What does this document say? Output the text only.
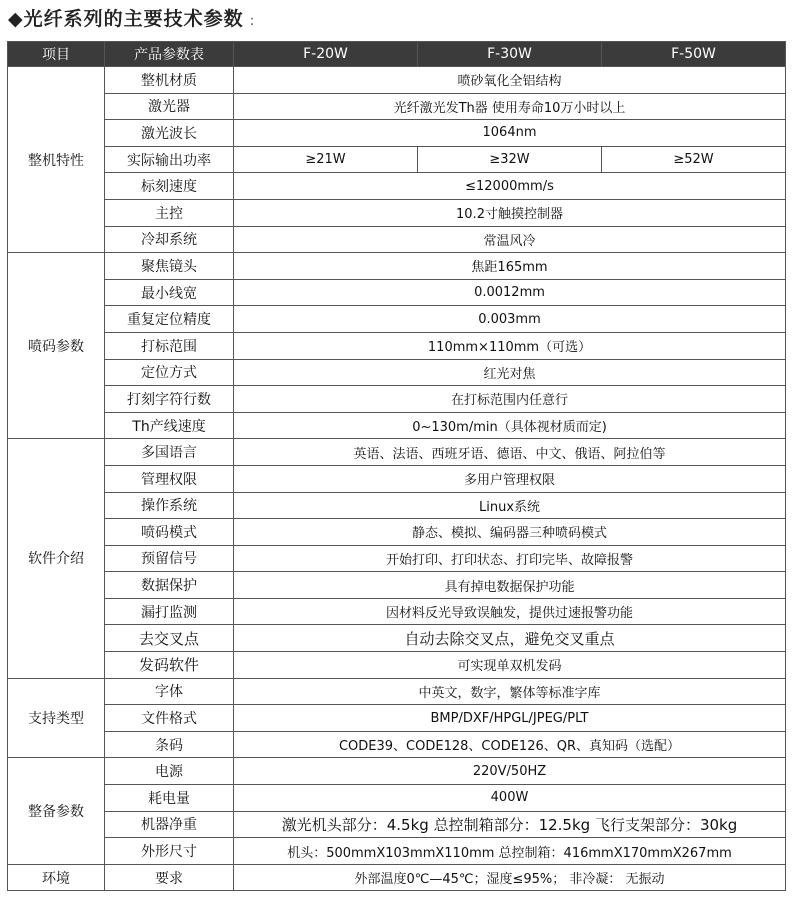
◆光纤系列的主要技术参数 :
项目	产品参数表	F-20W	F-30W	F-50W
整机特性	整机材质	喷砂氧化全铝结构		
	激光器	光纤激光发Th器 使用寿命10万小时以上		
	激光波长	1064nm		
	实际输出功率	≥21W	≥32W	≥52W
	标刻速度	≤12000mm/s		
	主控	10.2寸触摸控制器		
	冷却系统	常温风冷		
喷码参数	聚焦镜头	焦距165mm		
	最小线宽	0.0012mm		
	重复定位精度	0.003mm		
	打标范围	110mm×110mm（可选）		
	定位方式	红光对焦		
	打刻字符行数	在打标范围内任意行		
	Th产线速度	0~130m/min（具体视材质而定)		
软件介绍	多国语言	英语、法语、西班牙语、德语、中文、俄语、阿拉伯等		
	管理权限	多用户管理权限		
	操作系统	Linux系统		
	喷码模式	静态、模拟、编码器三种喷码模式		
	预留信号	开始打印、打印状态、打印完毕、故障报警		
	数据保护	具有掉电数据保护功能		
	漏打监测	因材料反光导致误触发，提供过速报警功能		
	去交叉点	自动去除交叉点，避免交叉重点		
	发码软件	可实现单双机发码		
支持类型	字体	中英文，数字，繁体等标准字库		
	文件格式	BMP/DXF/HPGL/JPEG/PLT		
	条码	CODE39、CODE128、CODE126、QR、真知码（选配）		
整备参数	电源	220V/50HZ		
	耗电量	400W		
	机器净重	激光机头部分：4.5kg 总控制箱部分：12.5kg 飞行支架部分：30kg		
	外形尺寸	机头：500mmX103mmX110mm 总控制箱：416mmX170mmX267mm		
环境	要求	外部温度0℃—45℃；湿度≤95%； 非冷凝： 无振动		
